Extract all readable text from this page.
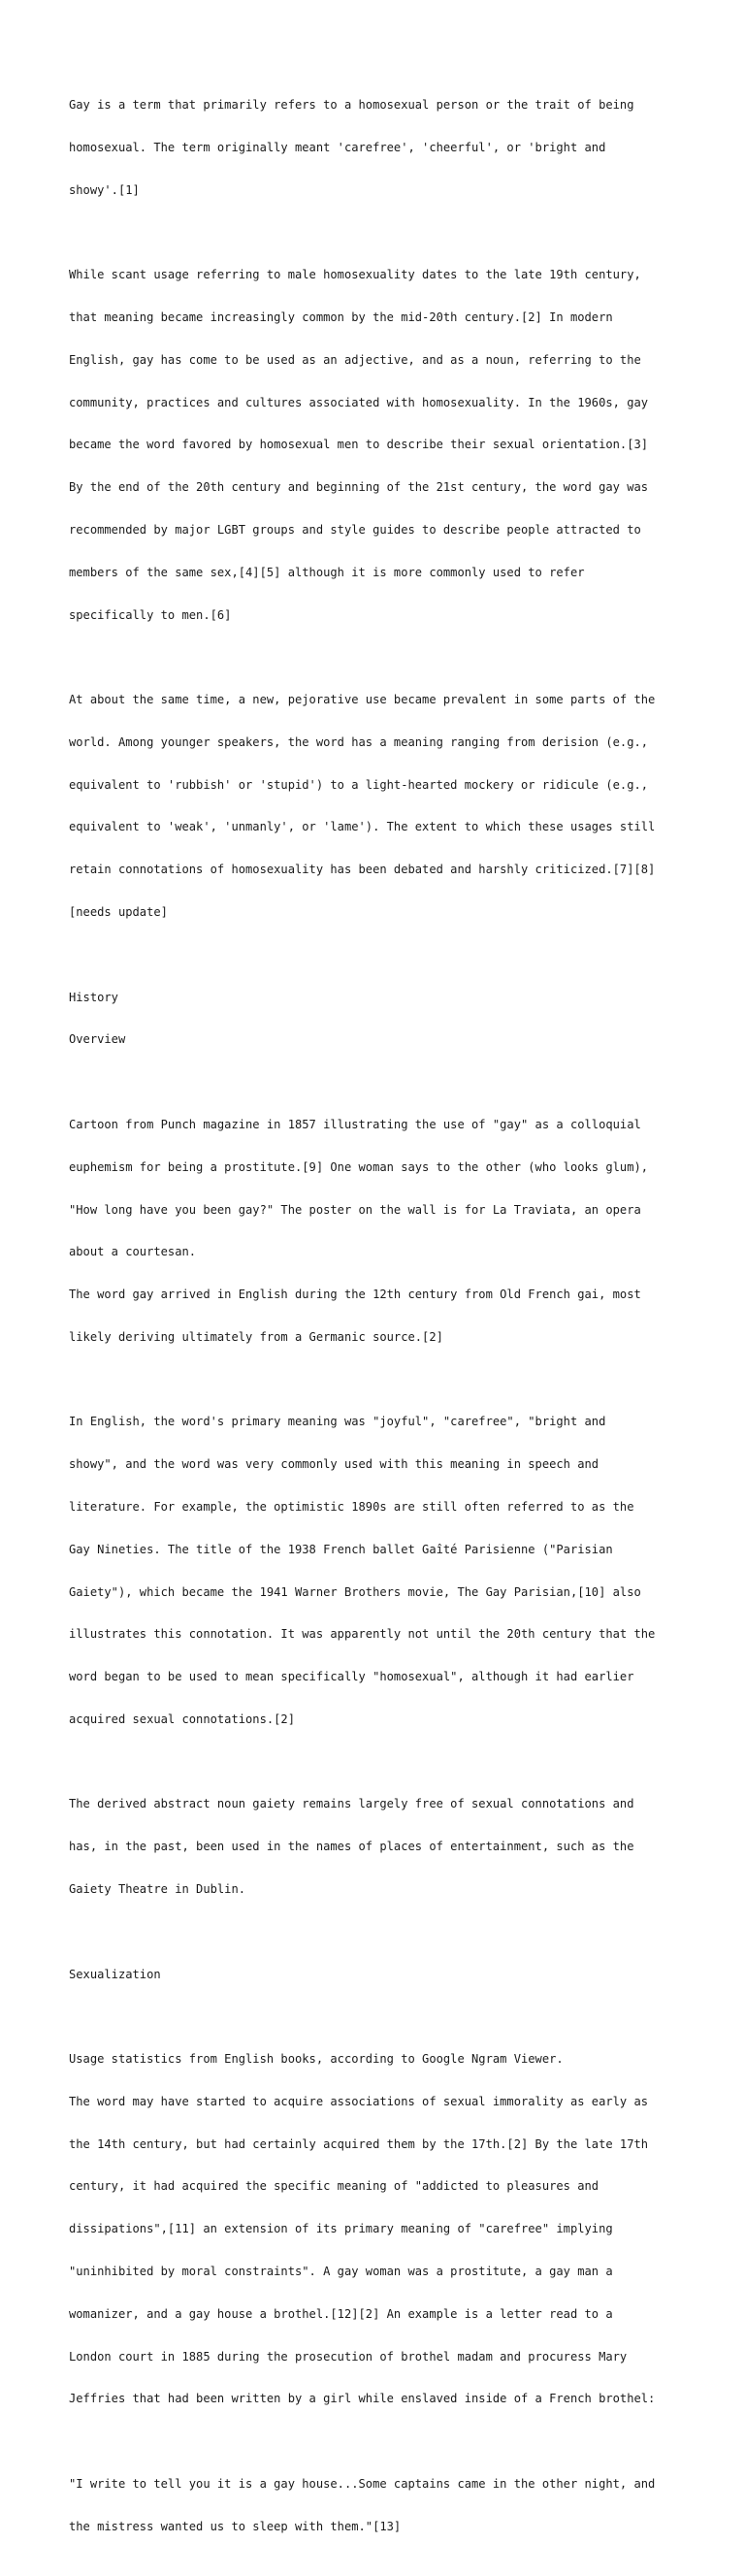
Gay is a term that primarily refers to a homosexual person or the trait of being

homosexual. The term originally meant 'carefree', 'cheerful', or 'bright and

showy'.[1]

While scant usage referring to male homosexuality dates to the late 19th century,

that meaning became increasingly common by the mid-20th century.[2] In modern

English, gay has come to be used as an adjective, and as a noun, referring to the

community, practices and cultures associated with homosexuality. In the 1960s, gay

became the word favored by homosexual men to describe their sexual orientation.[3]

By the end of the 20th century and beginning of the 21st century, the word gay was

recommended by major LGBT groups and style guides to describe people attracted to

members of the same sex,[4][5] although it is more commonly used to refer

specifically to men.[6]

At about the same time, a new, pejorative use became prevalent in some parts of the

world. Among younger speakers, the word has a meaning ranging from derision (e.g.,

equivalent to 'rubbish' or 'stupid') to a light-hearted mockery or ridicule (e.g.,

equivalent to 'weak', 'unmanly', or 'lame'). The extent to which these usages still

retain connotations of homosexuality has been debated and harshly criticized.[7][8]

[needs update]

History

Overview

Cartoon from Punch magazine in 1857 illustrating the use of "gay" as a colloquial

euphemism for being a prostitute.[9] One woman says to the other (who looks glum),

"How long have you been gay?" The poster on the wall is for La Traviata, an opera

about a courtesan.

The word gay arrived in English during the 12th century from Old French gai, most

likely deriving ultimately from a Germanic source.[2]

In English, the word's primary meaning was "joyful", "carefree", "bright and

showy", and the word was very commonly used with this meaning in speech and

literature. For example, the optimistic 1890s are still often referred to as the

Gay Nineties. The title of the 1938 French ballet Gaîté Parisienne ("Parisian

Gaiety"), which became the 1941 Warner Brothers movie, The Gay Parisian,[10] also

illustrates this connotation. It was apparently not until the 20th century that the

word began to be used to mean specifically "homosexual", although it had earlier

acquired sexual connotations.[2]

The derived abstract noun gaiety remains largely free of sexual connotations and

has, in the past, been used in the names of places of entertainment, such as the

Gaiety Theatre in Dublin.

Sexualization

Usage statistics from English books, according to Google Ngram Viewer.

The word may have started to acquire associations of sexual immorality as early as

the 14th century, but had certainly acquired them by the 17th.[2] By the late 17th

century, it had acquired the specific meaning of "addicted to pleasures and

dissipations",[11] an extension of its primary meaning of "carefree" implying

"uninhibited by moral constraints". A gay woman was a prostitute, a gay man a

womanizer, and a gay house a brothel.[12][2] An example is a letter read to a

London court in 1885 during the prosecution of brothel madam and procuress Mary

Jeffries that had been written by a girl while enslaved inside of a French brothel:

"I write to tell you it is a gay house...Some captains came in the other night, and

the mistress wanted us to sleep with them."[13]
